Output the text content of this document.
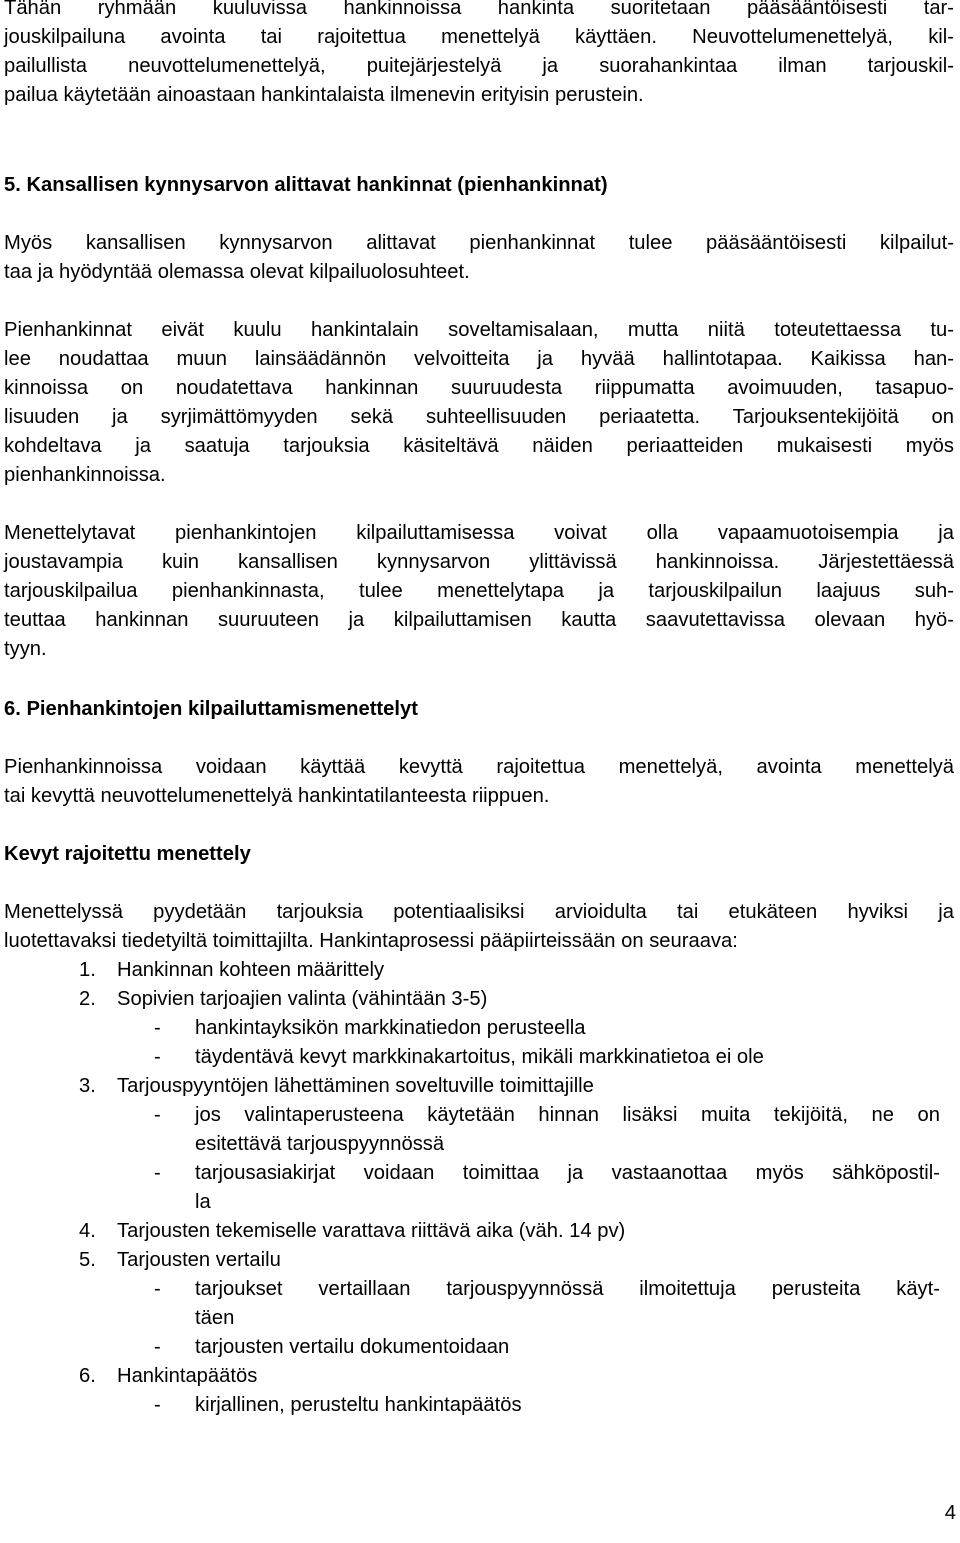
Tähän ryhmään kuuluvissa hankinnoissa hankinta suoritetaan pääsääntöisesti tar-
jouskilpailuna avointa tai rajoitettua menettelyä käyttäen. Neuvottelumenettelyä, kil-
pailullista neuvottelumenettelyä, puitejärjestelyä ja suorahankintaa ilman tarjouskil-
pailua käytetään ainoastaan hankintalaista ilmenevin erityisin perustein.
5. Kansallisen kynnysarvon alittavat hankinnat (pienhankinnat)
Myös kansallisen kynnysarvon alittavat pienhankinnat tulee pääsääntöisesti kilpailut-
taa ja hyödyntää olemassa olevat kilpailuolosuhteet.
Pienhankinnat eivät kuulu hankintalain soveltamisalaan, mutta niitä toteutettaessa tu-
lee noudattaa muun lainsäädännön velvoitteita ja hyvää hallintotapaa. Kaikissa han-
kinnoissa on noudatettava hankinnan suuruudesta riippumatta avoimuuden, tasapuo-
lisuuden ja syrjimättömyyden sekä suhteellisuuden periaatetta. Tarjouksentekijöitä on
kohdeltava ja saatuja tarjouksia käsiteltävä näiden periaatteiden mukaisesti myös
pienhankinnoissa.
Menettelytavat pienhankintojen kilpailuttamisessa voivat olla vapaamuotoisempia ja
joustavampia kuin kansallisen kynnysarvon ylittävissä hankinnoissa. Järjestettäessä
tarjouskilpailua pienhankinnasta, tulee menettelytapa ja tarjouskilpailun laajuus suh-
teuttaa hankinnan suuruuteen ja kilpailuttamisen kautta saavutettavissa olevaan hyö-
tyyn.
6. Pienhankintojen kilpailuttamismenettelyt
Pienhankinnoissa voidaan käyttää kevyttä rajoitettua menettelyä, avointa menettelyä
tai kevyttä neuvottelumenettelyä hankintatilanteesta riippuen.
Kevyt rajoitettu menettely
Menettelyssä pyydetään tarjouksia potentiaalisiksi arvioidulta tai etukäteen hyviksi ja
luotettavaksi tiedetyiltä toimittajilta. Hankintaprosessi pääpiirteissään on seuraava:
1. Hankinnan kohteen määrittely
2. Sopivien tarjoajien valinta (vähintään 3-5)
- hankintayksikön markkinatiedon perusteella
- täydentävä kevyt markkinakartoitus, mikäli markkinatietoa ei ole
3. Tarjouspyyntöjen lähettäminen soveltuville toimittajille
- jos valintaperusteena käytetään hinnan lisäksi muita tekijöitä, ne on
esitettävä tarjouspyynnössä
- tarjousasiakirjat voidaan toimittaa ja vastaanottaa myös sähköpostil-
la
4. Tarjousten tekemiselle varattava riittävä aika (väh. 14 pv)
5. Tarjousten vertailu
- tarjoukset vertaillaan tarjouspyynnössä ilmoitettuja perusteita käyt-
täen
- tarjousten vertailu dokumentoidaan
6. Hankintapäätös
- kirjallinen, perusteltu hankintapäätös
4
